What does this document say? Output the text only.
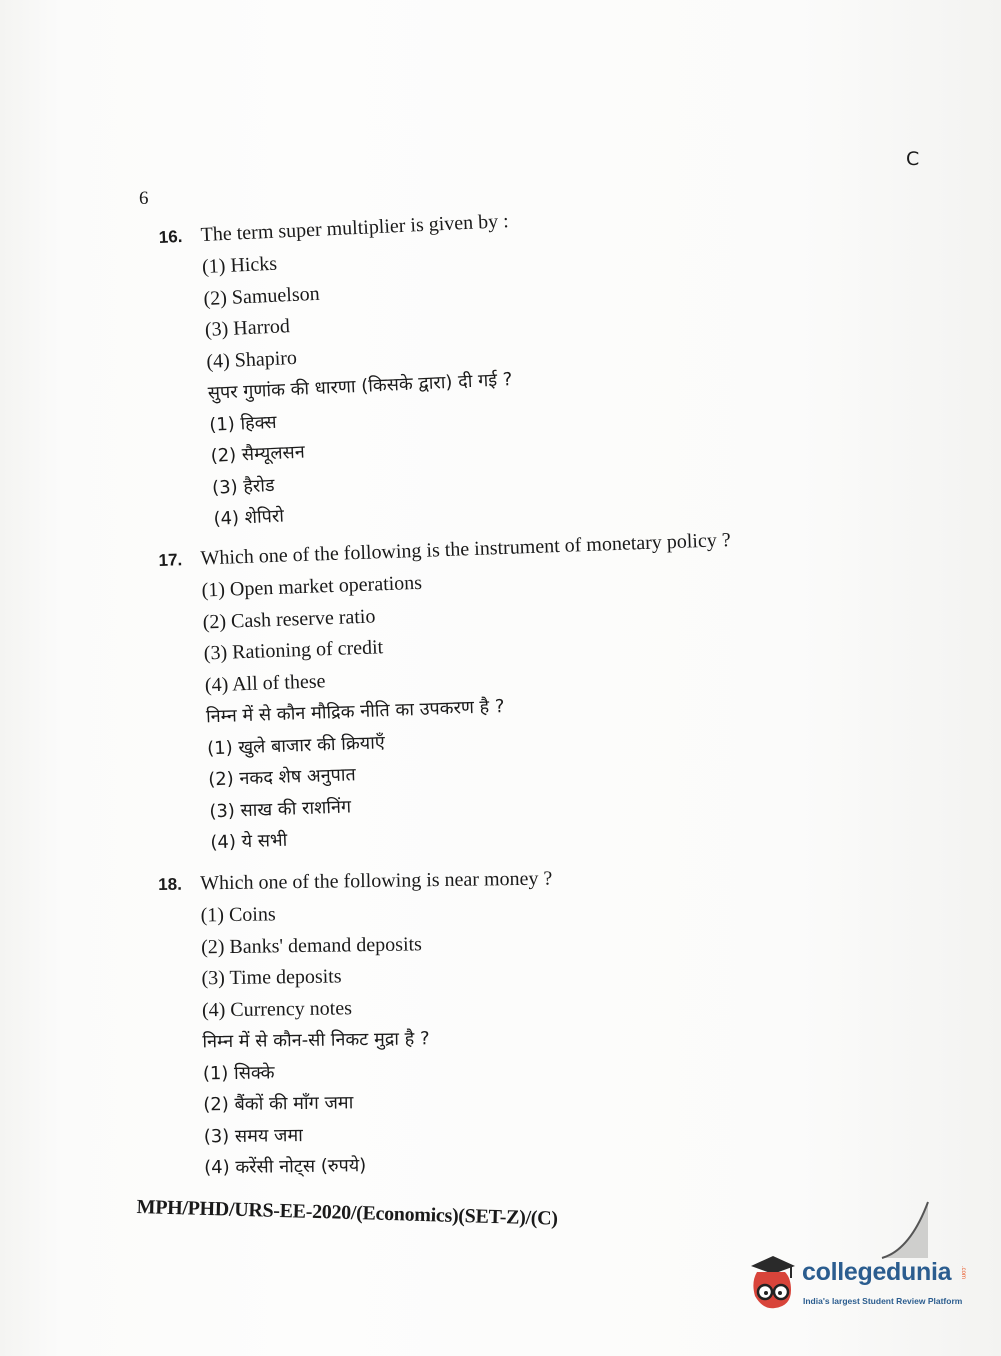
C
6
16. The term super multiplier is given by :
(1) Hicks
(2) Samuelson
(3) Harrod
(4) Shapiro
सुपर गुणांक की धारणा (किसके द्वारा) दी गई ?
(1) हिक्स
(2) सैम्यूलसन
(3) हैरोड
(4) शेपिरो
17. Which one of the following is the instrument of monetary policy ?
(1) Open market operations
(2) Cash reserve ratio
(3) Rationing of credit
(4) All of these
निम्न में से कौन मौद्रिक नीति का उपकरण है ?
(1) खुले बाजार की क्रियाएँ
(2) नकद शेष अनुपात
(3) साख की राशनिंग
(4) ये सभी
18. Which one of the following is near money ?
(1) Coins
(2) Banks' demand deposits
(3) Time deposits
(4) Currency notes
निम्न में से कौन-सी निकट मुद्रा है ?
(1) सिक्के
(2) बैंकों की माँग जमा
(3) समय जमा
(4) करेंसी नोट्स (रुपये)
MPH/PHD/URS-EE-2020/(Economics)(SET-Z)/(C)
collegedunia .com
India's largest Student Review Platform
